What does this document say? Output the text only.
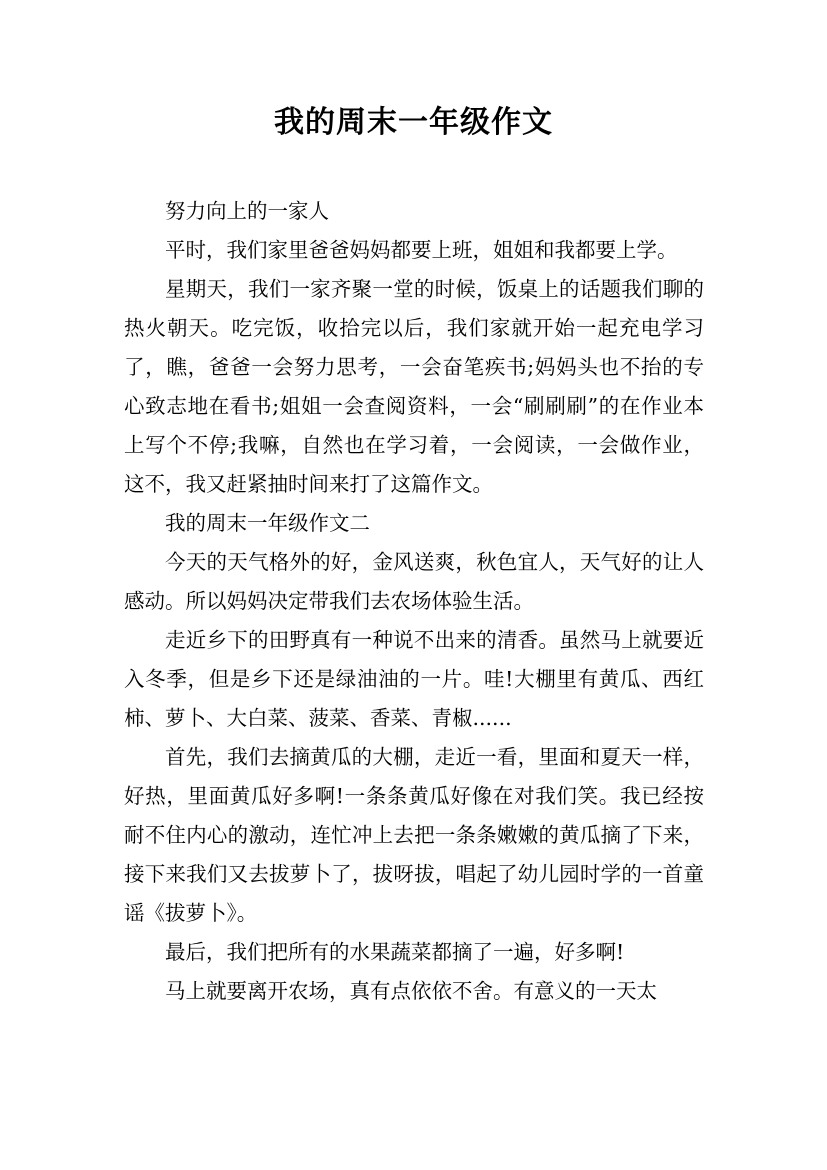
我的周末一年级作文

努力向上的一家人

平时，我们家里爸爸妈妈都要上班，姐姐和我都要上学。

星期天，我们一家齐聚一堂的时候，饭桌上的话题我们聊的热火朝天。吃完饭，收拾完以后，我们家就开始一起充电学习了，瞧，爸爸一会努力思考，一会奋笔疾书;妈妈头也不抬的专心致志地在看书;姐姐一会查阅资料，一会“刷刷刷”的在作业本上写个不停;我嘛，自然也在学习着，一会阅读，一会做作业，这不，我又赶紧抽时间来打了这篇作文。

我的周末一年级作文二

今天的天气格外的好，金风送爽，秋色宜人，天气好的让人感动。所以妈妈决定带我们去农场体验生活。

走近乡下的田野真有一种说不出来的清香。虽然马上就要近入冬季，但是乡下还是绿油油的一片。哇!大棚里有黄瓜、西红柿、萝卜、大白菜、菠菜、香菜、青椒......

首先，我们去摘黄瓜的大棚，走近一看，里面和夏天一样，好热，里面黄瓜好多啊!一条条黄瓜好像在对我们笑。我已经按耐不住内心的激动，连忙冲上去把一条条嫩嫩的黄瓜摘了下来，接下来我们又去拔萝卜了，拔呀拔，唱起了幼儿园时学的一首童谣《拔萝卜》。

最后，我们把所有的水果蔬菜都摘了一遍，好多啊!

马上就要离开农场，真有点依依不舍。有意义的一天太
